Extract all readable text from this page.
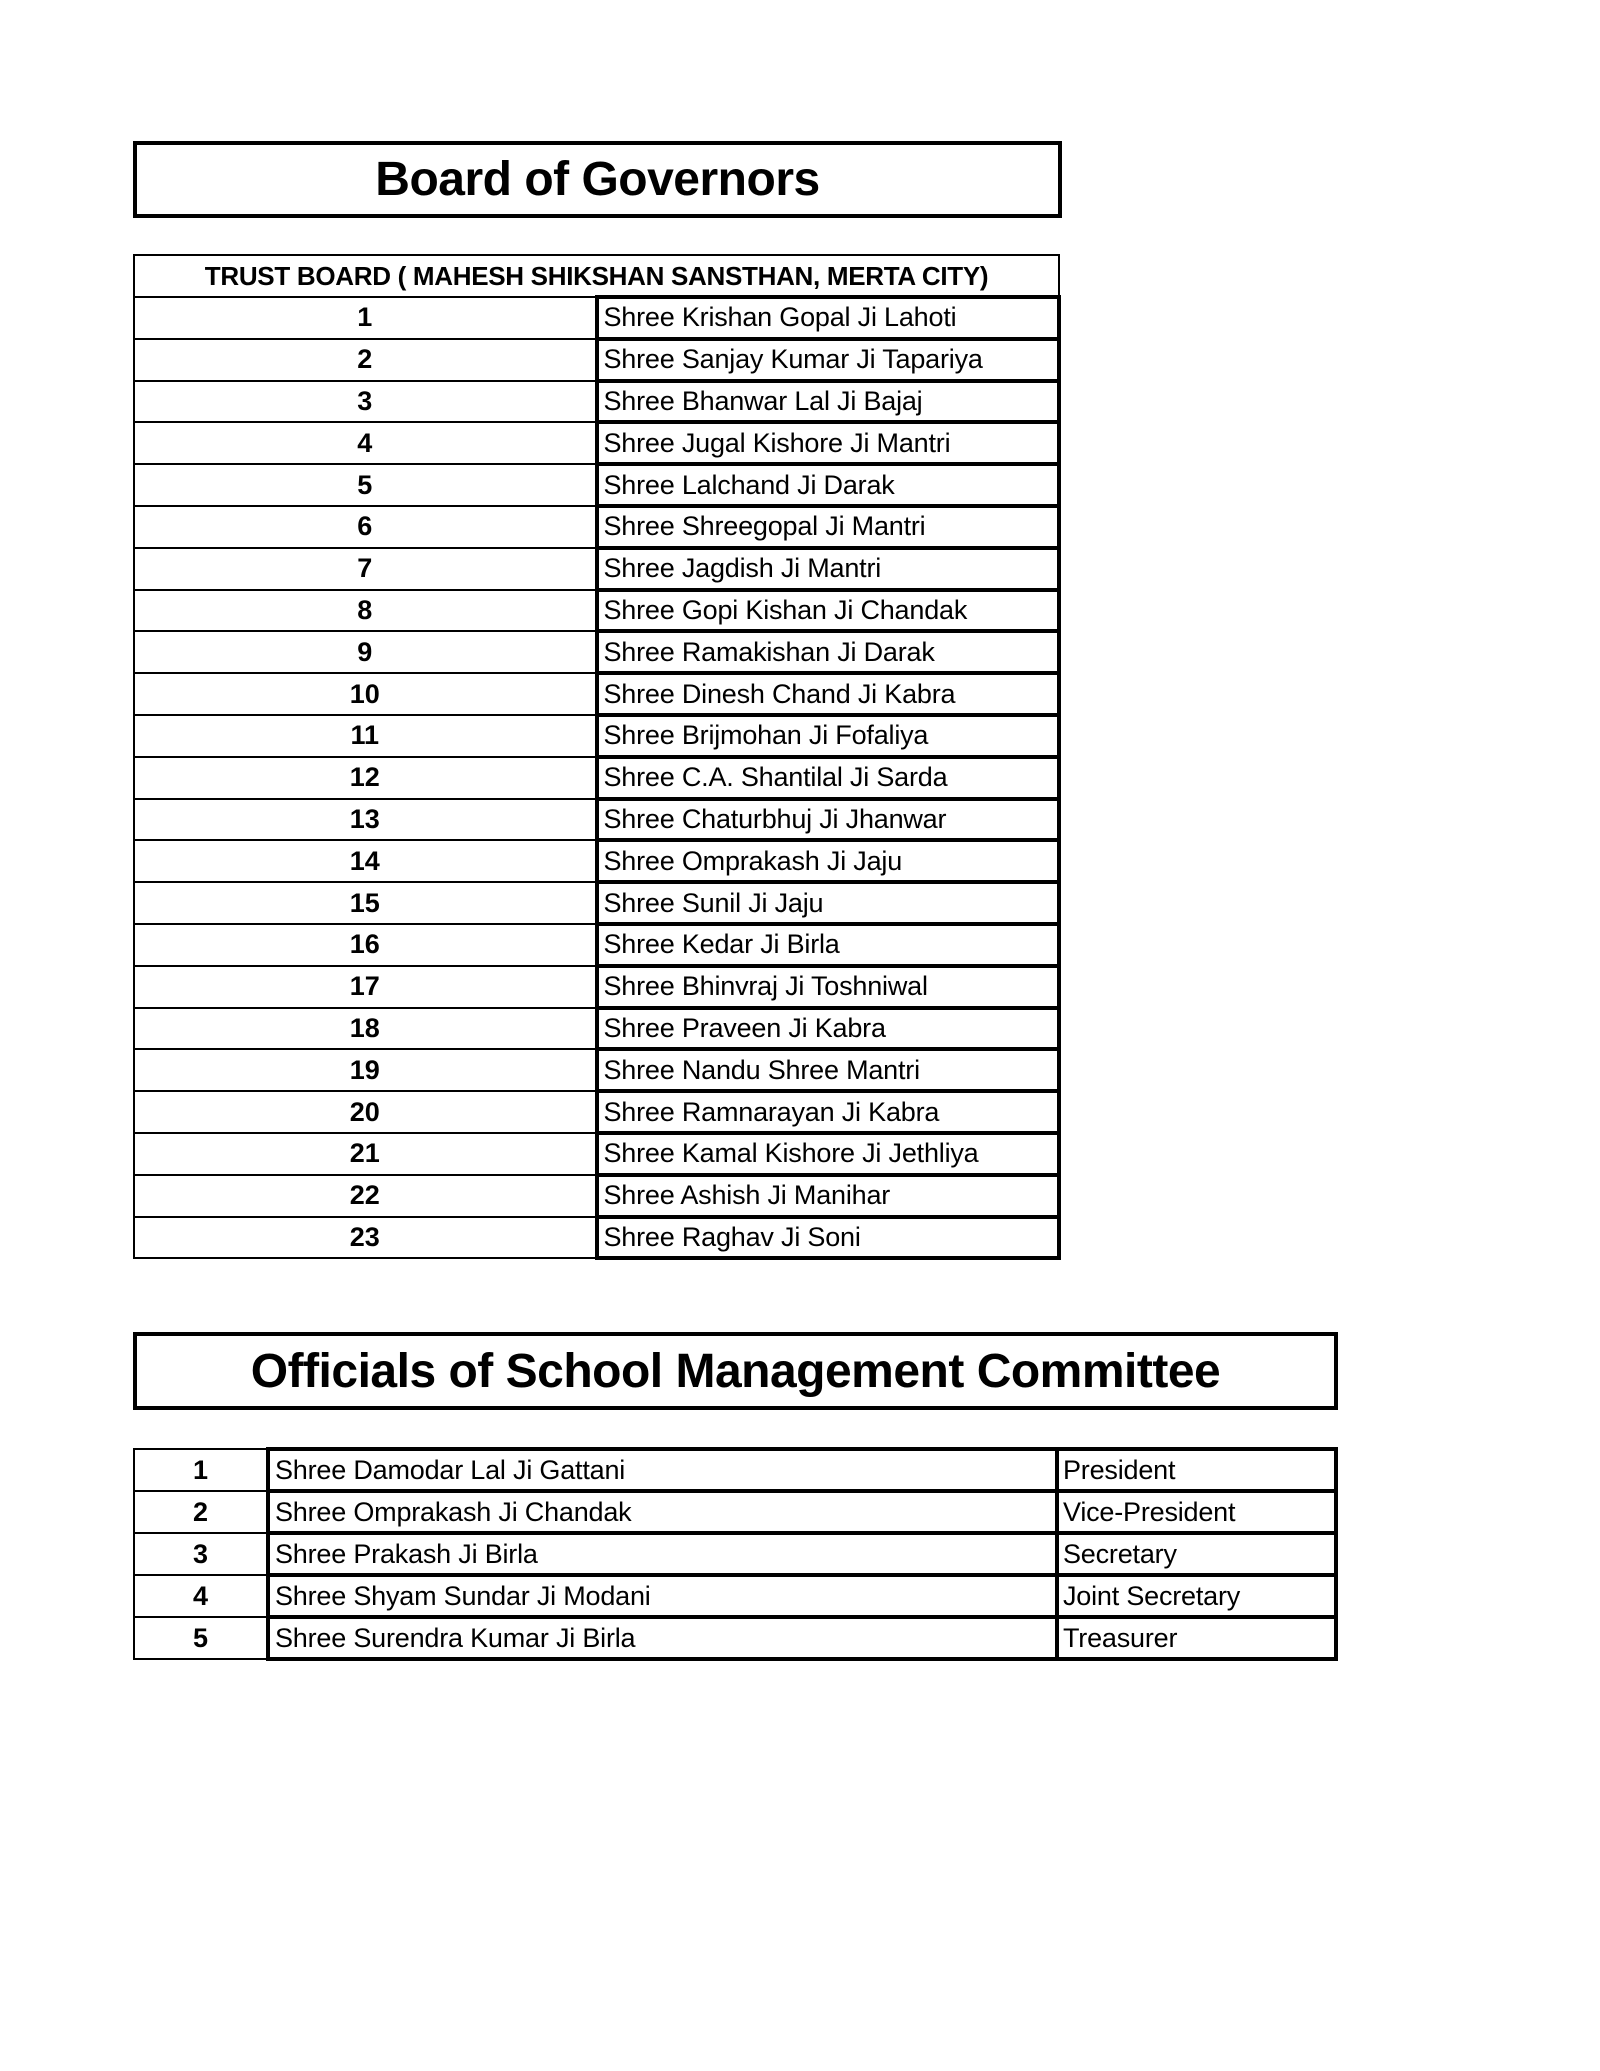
Board of Governors
TRUST BOARD ( MAHESH SHIKSHAN SANSTHAN, MERTA CITY)	
1	Shree Krishan Gopal Ji Lahoti
2	Shree Sanjay Kumar Ji Tapariya
3	Shree Bhanwar Lal Ji Bajaj
4	Shree Jugal Kishore Ji Mantri
5	Shree Lalchand Ji Darak
6	Shree Shreegopal Ji Mantri
7	Shree Jagdish Ji Mantri
8	Shree Gopi Kishan Ji Chandak
9	Shree Ramakishan Ji Darak
10	Shree Dinesh Chand Ji Kabra
11	Shree Brijmohan Ji Fofaliya
12	Shree C.A. Shantilal Ji Sarda
13	Shree Chaturbhuj Ji Jhanwar
14	Shree Omprakash Ji Jaju
15	Shree Sunil Ji Jaju
16	Shree Kedar Ji Birla
17	Shree Bhinvraj Ji Toshniwal
18	Shree Praveen Ji Kabra
19	Shree Nandu Shree Mantri
20	Shree Ramnarayan Ji Kabra
21	Shree Kamal Kishore Ji Jethliya
22	Shree Ashish Ji Manihar
23	Shree Raghav Ji Soni
Officials of School Management Committee
1	Shree Damodar Lal Ji Gattani	President
2	Shree Omprakash Ji Chandak	Vice-President
3	Shree Prakash Ji Birla	Secretary
4	Shree Shyam Sundar Ji Modani	Joint Secretary
5	Shree Surendra Kumar Ji Birla	Treasurer
